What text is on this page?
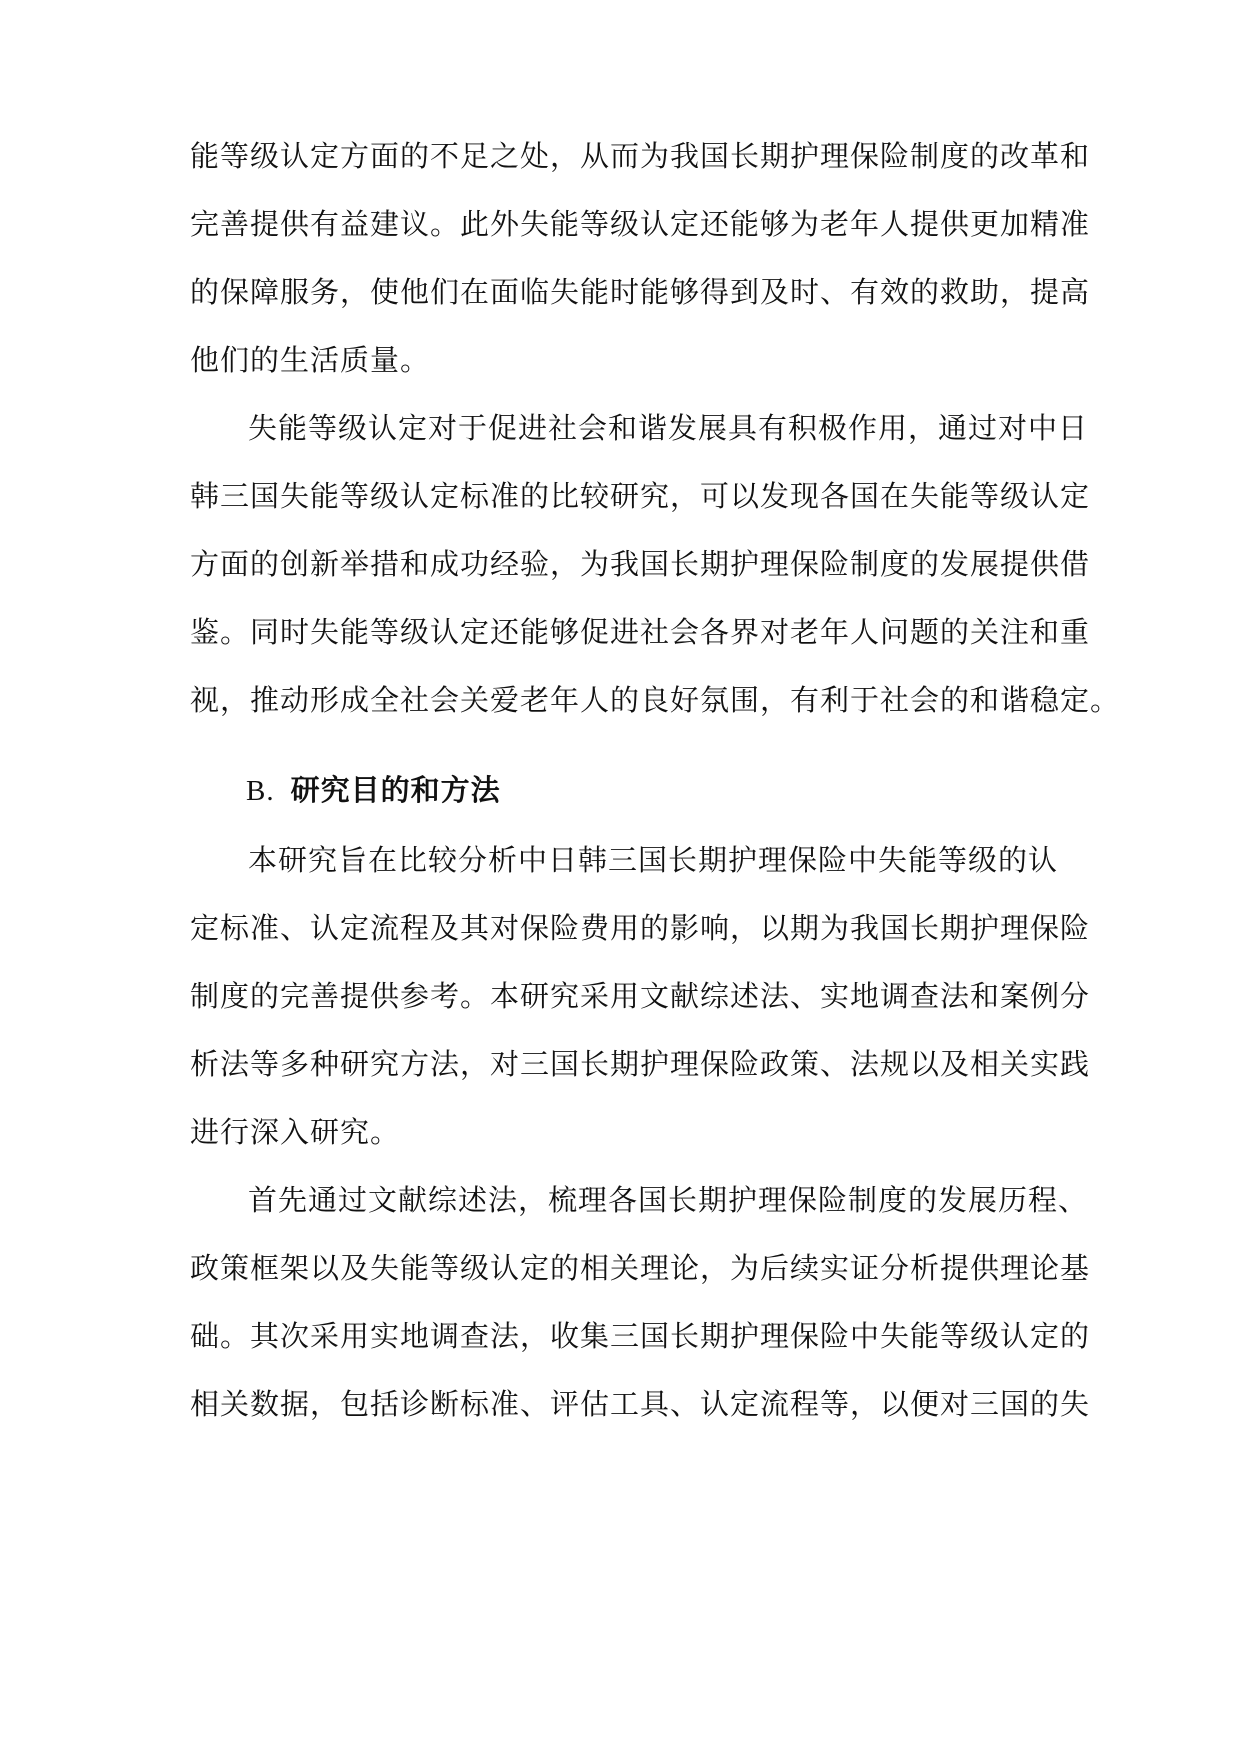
能等级认定方面的不足之处，从而为我国长期护理保险制度的改革和
完善提供有益建议。此外失能等级认定还能够为老年人提供更加精准
的保障服务，使他们在面临失能时能够得到及时、有效的救助，提高
他们的生活质量。
失能等级认定对于促进社会和谐发展具有积极作用，通过对中日
韩三国失能等级认定标准的比较研究，可以发现各国在失能等级认定
方面的创新举措和成功经验，为我国长期护理保险制度的发展提供借
鉴。同时失能等级认定还能够促进社会各界对老年人问题的关注和重
视，推动形成全社会关爱老年人的良好氛围，有利于社会的和谐稳定。
B. 研究目的和方法
本研究旨在比较分析中日韩三国长期护理保险中失能等级的认
定标准、认定流程及其对保险费用的影响，以期为我国长期护理保险
制度的完善提供参考。本研究采用文献综述法、实地调查法和案例分
析法等多种研究方法，对三国长期护理保险政策、法规以及相关实践
进行深入研究。
首先通过文献综述法，梳理各国长期护理保险制度的发展历程、
政策框架以及失能等级认定的相关理论，为后续实证分析提供理论基
础。其次采用实地调查法，收集三国长期护理保险中失能等级认定的
相关数据，包括诊断标准、评估工具、认定流程等，以便对三国的失
